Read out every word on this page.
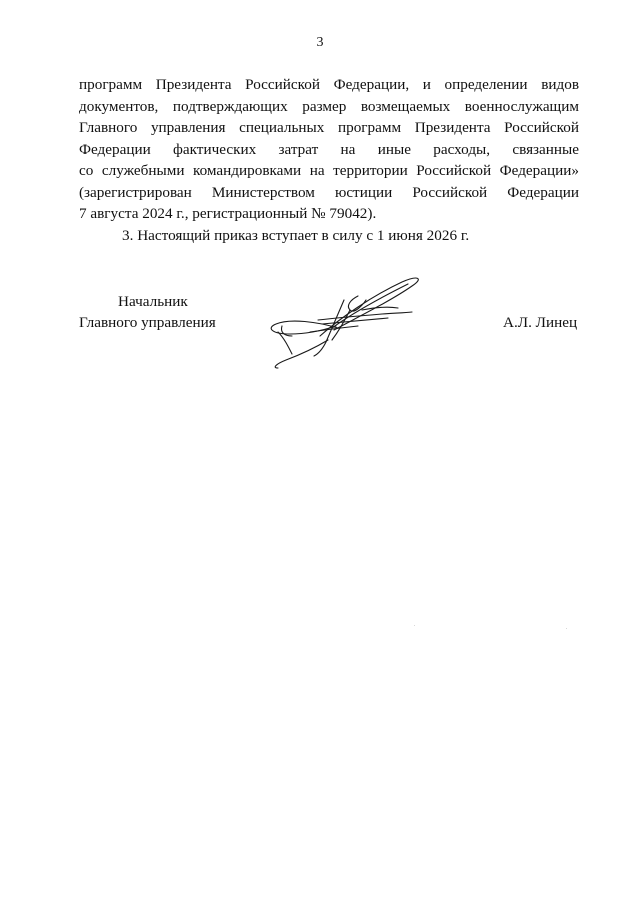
3
программ Президента Российской Федерации, и определении видов
документов, подтверждающих размер возмещаемых военнослужащим
Главного управления специальных программ Президента Российской
Федерации фактических затрат на иные расходы, связанные
со служебными командировками на территории Российской Федерации»
(зарегистрирован Министерством юстиции Российской Федерации
7 августа 2024 г., регистрационный № 79042).
3. Настоящий приказ вступает в силу с 1 июня 2026 г.
Начальник
Главного управления	А.Л. Линец
